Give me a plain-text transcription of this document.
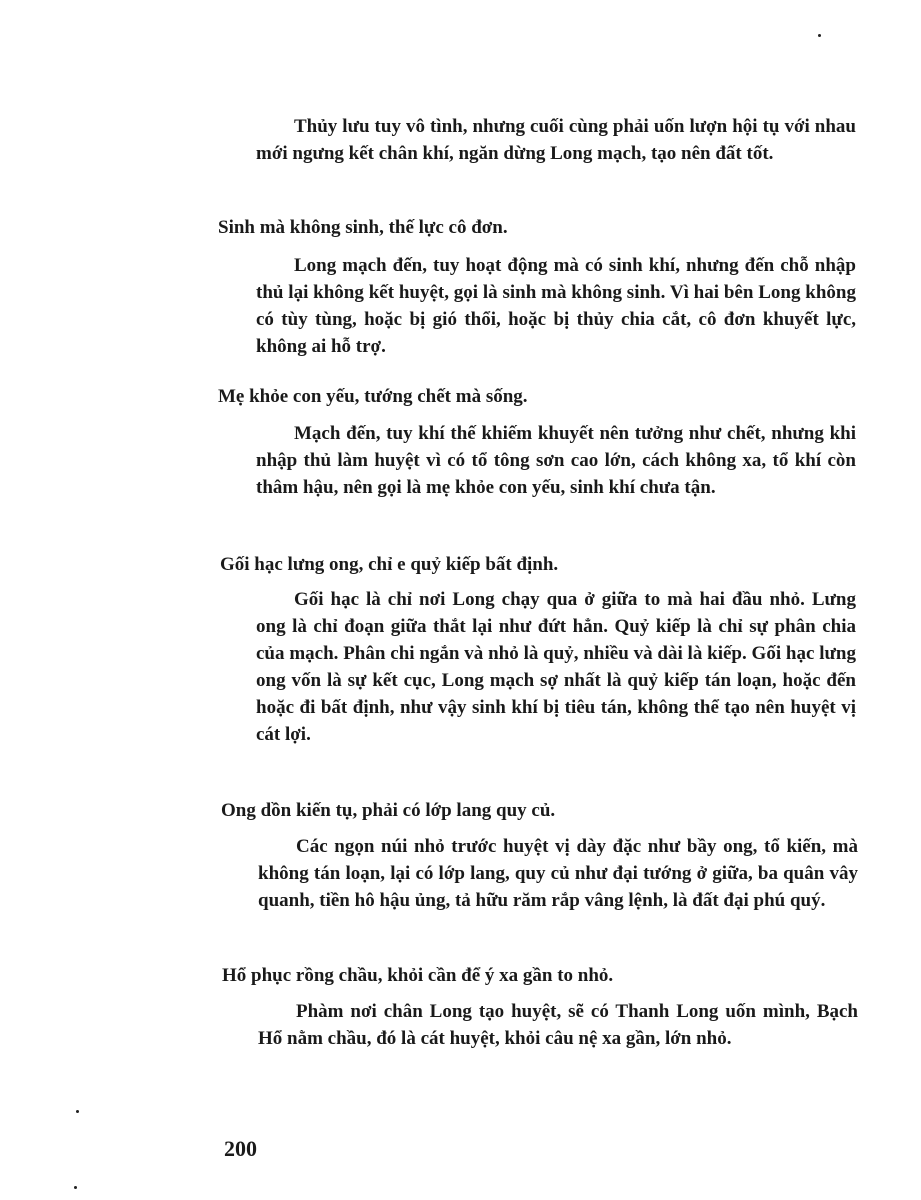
Thủy lưu tuy vô tình, nhưng cuối cùng phải uốn lượn hội tụ với nhau mới ngưng kết chân khí, ngăn dừng Long mạch, tạo nên đất tốt.

Sinh mà không sinh, thế lực cô đơn.

Long mạch đến, tuy hoạt động mà có sinh khí, nhưng đến chỗ nhập thủ lại không kết huyệt, gọi là sinh mà không sinh. Vì hai bên Long không có tùy tùng, hoặc bị gió thổi, hoặc bị thủy chia cắt, cô đơn khuyết lực, không ai hỗ trợ.

Mẹ khỏe con yếu, tướng chết mà sống.

Mạch đến, tuy khí thế khiếm khuyết nên tưởng như chết, nhưng khi nhập thủ làm huyệt vì có tổ tông sơn cao lớn, cách không xa, tổ khí còn thâm hậu, nên gọi là mẹ khỏe con yếu, sinh khí chưa tận.

Gối hạc lưng ong, chỉ e quỷ kiếp bất định.

Gối hạc là chỉ nơi Long chạy qua ở giữa to mà hai đầu nhỏ. Lưng ong là chỉ đoạn giữa thắt lại như đứt hẳn. Quỷ kiếp là chỉ sự phân chia của mạch. Phân chi ngắn và nhỏ là quỷ, nhiều và dài là kiếp. Gối hạc lưng ong vốn là sự kết cục, Long mạch sợ nhất là quỷ kiếp tán loạn, hoặc đến hoặc đi bất định, như vậy sinh khí bị tiêu tán, không thể tạo nên huyệt vị cát lợi.

Ong dồn kiến tụ, phải có lớp lang quy củ.

Các ngọn núi nhỏ trước huyệt vị dày đặc như bầy ong, tổ kiến, mà không tán loạn, lại có lớp lang, quy củ như đại tướng ở giữa, ba quân vây quanh, tiền hô hậu ủng, tả hữu răm rắp vâng lệnh, là đất đại phú quý.

Hổ phục rồng chầu, khỏi cần để ý xa gần to nhỏ.

Phàm nơi chân Long tạo huyệt, sẽ có Thanh Long uốn mình, Bạch Hổ nằm chầu, đó là cát huyệt, khỏi câu nệ xa gần, lớn nhỏ.

200
